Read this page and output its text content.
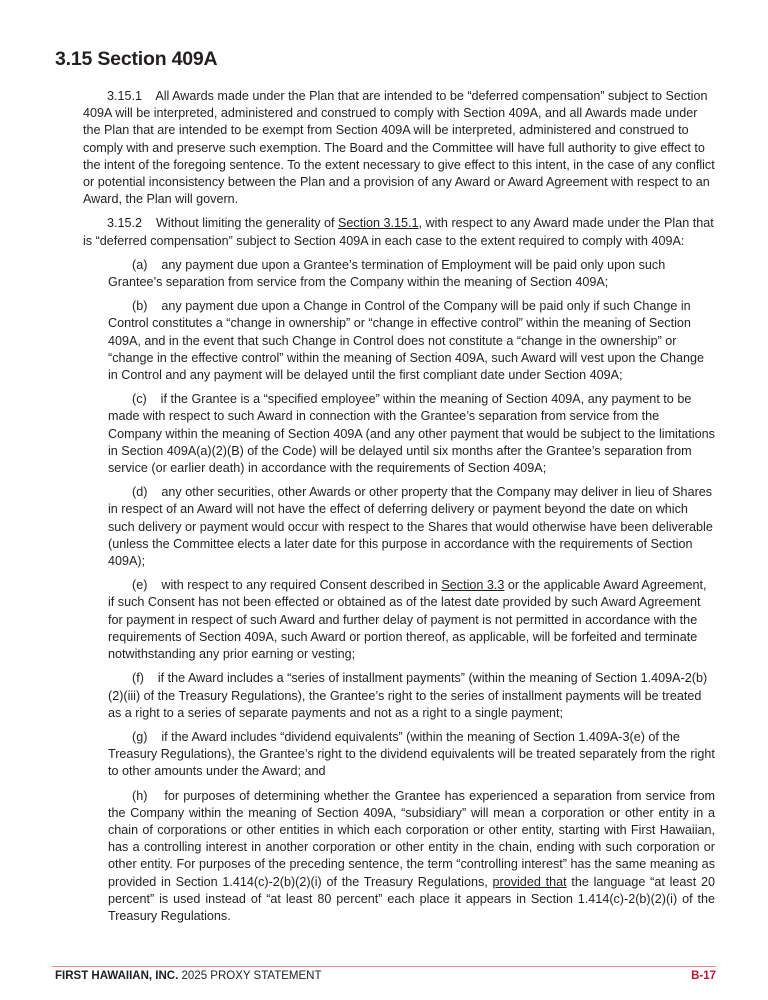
3.15 Section 409A

3.15.1    All Awards made under the Plan that are intended to be “deferred compensation” subject to Section 409A will be interpreted, administered and construed to comply with Section 409A, and all Awards made under the Plan that are intended to be exempt from Section 409A will be interpreted, administered and construed to comply with and preserve such exemption. The Board and the Committee will have full authority to give effect to the intent of the foregoing sentence. To the extent necessary to give effect to this intent, in the case of any conflict or potential inconsistency between the Plan and a provision of any Award or Award Agreement with respect to an Award, the Plan will govern.

3.15.2    Without limiting the generality of Section 3.15.1, with respect to any Award made under the Plan that is “deferred compensation” subject to Section 409A in each case to the extent required to comply with 409A:

(a)    any payment due upon a Grantee’s termination of Employment will be paid only upon such Grantee’s separation from service from the Company within the meaning of Section 409A;

(b)    any payment due upon a Change in Control of the Company will be paid only if such Change in Control constitutes a “change in ownership” or “change in effective control” within the meaning of Section 409A, and in the event that such Change in Control does not constitute a “change in the ownership” or “change in the effective control” within the meaning of Section 409A, such Award will vest upon the Change in Control and any payment will be delayed until the first compliant date under Section 409A;

(c)    if the Grantee is a “specified employee” within the meaning of Section 409A, any payment to be made with respect to such Award in connection with the Grantee’s separation from service from the Company within the meaning of Section 409A (and any other payment that would be subject to the limitations in Section 409A(a)(2)(B) of the Code) will be delayed until six months after the Grantee’s separation from service (or earlier death) in accordance with the requirements of Section 409A;

(d)    any other securities, other Awards or other property that the Company may deliver in lieu of Shares in respect of an Award will not have the effect of deferring delivery or payment beyond the date on which such delivery or payment would occur with respect to the Shares that would otherwise have been deliverable (unless the Committee elects a later date for this purpose in accordance with the requirements of Section 409A);

(e)    with respect to any required Consent described in Section 3.3 or the applicable Award Agreement, if such Consent has not been effected or obtained as of the latest date provided by such Award Agreement for payment in respect of such Award and further delay of payment is not permitted in accordance with the requirements of Section 409A, such Award or portion thereof, as applicable, will be forfeited and terminate notwithstanding any prior earning or vesting;

(f)    if the Award includes a “series of installment payments” (within the meaning of Section 1.409A-2(b)(2)(iii) of the Treasury Regulations), the Grantee’s right to the series of installment payments will be treated as a right to a series of separate payments and not as a right to a single payment;

(g)    if the Award includes “dividend equivalents” (within the meaning of Section 1.409A-3(e) of the Treasury Regulations), the Grantee’s right to the dividend equivalents will be treated separately from the right to other amounts under the Award; and

(h)    for purposes of determining whether the Grantee has experienced a separation from service from the Company within the meaning of Section 409A, “subsidiary” will mean a corporation or other entity in a chain of corporations or other entities in which each corporation or other entity, starting with First Hawaiian, has a controlling interest in another corporation or other entity in the chain, ending with such corporation or other entity. For purposes of the preceding sentence, the term “controlling interest” has the same meaning as provided in Section 1.414(c)-2(b)(2)(i) of the Treasury Regulations, provided that the language “at least 20 percent” is used instead of “at least 80 percent” each place it appears in Section 1.414(c)-2(b)(2)(i) of the Treasury Regulations.

FIRST HAWAIIAN, INC. 2025 PROXY STATEMENT	B-17
